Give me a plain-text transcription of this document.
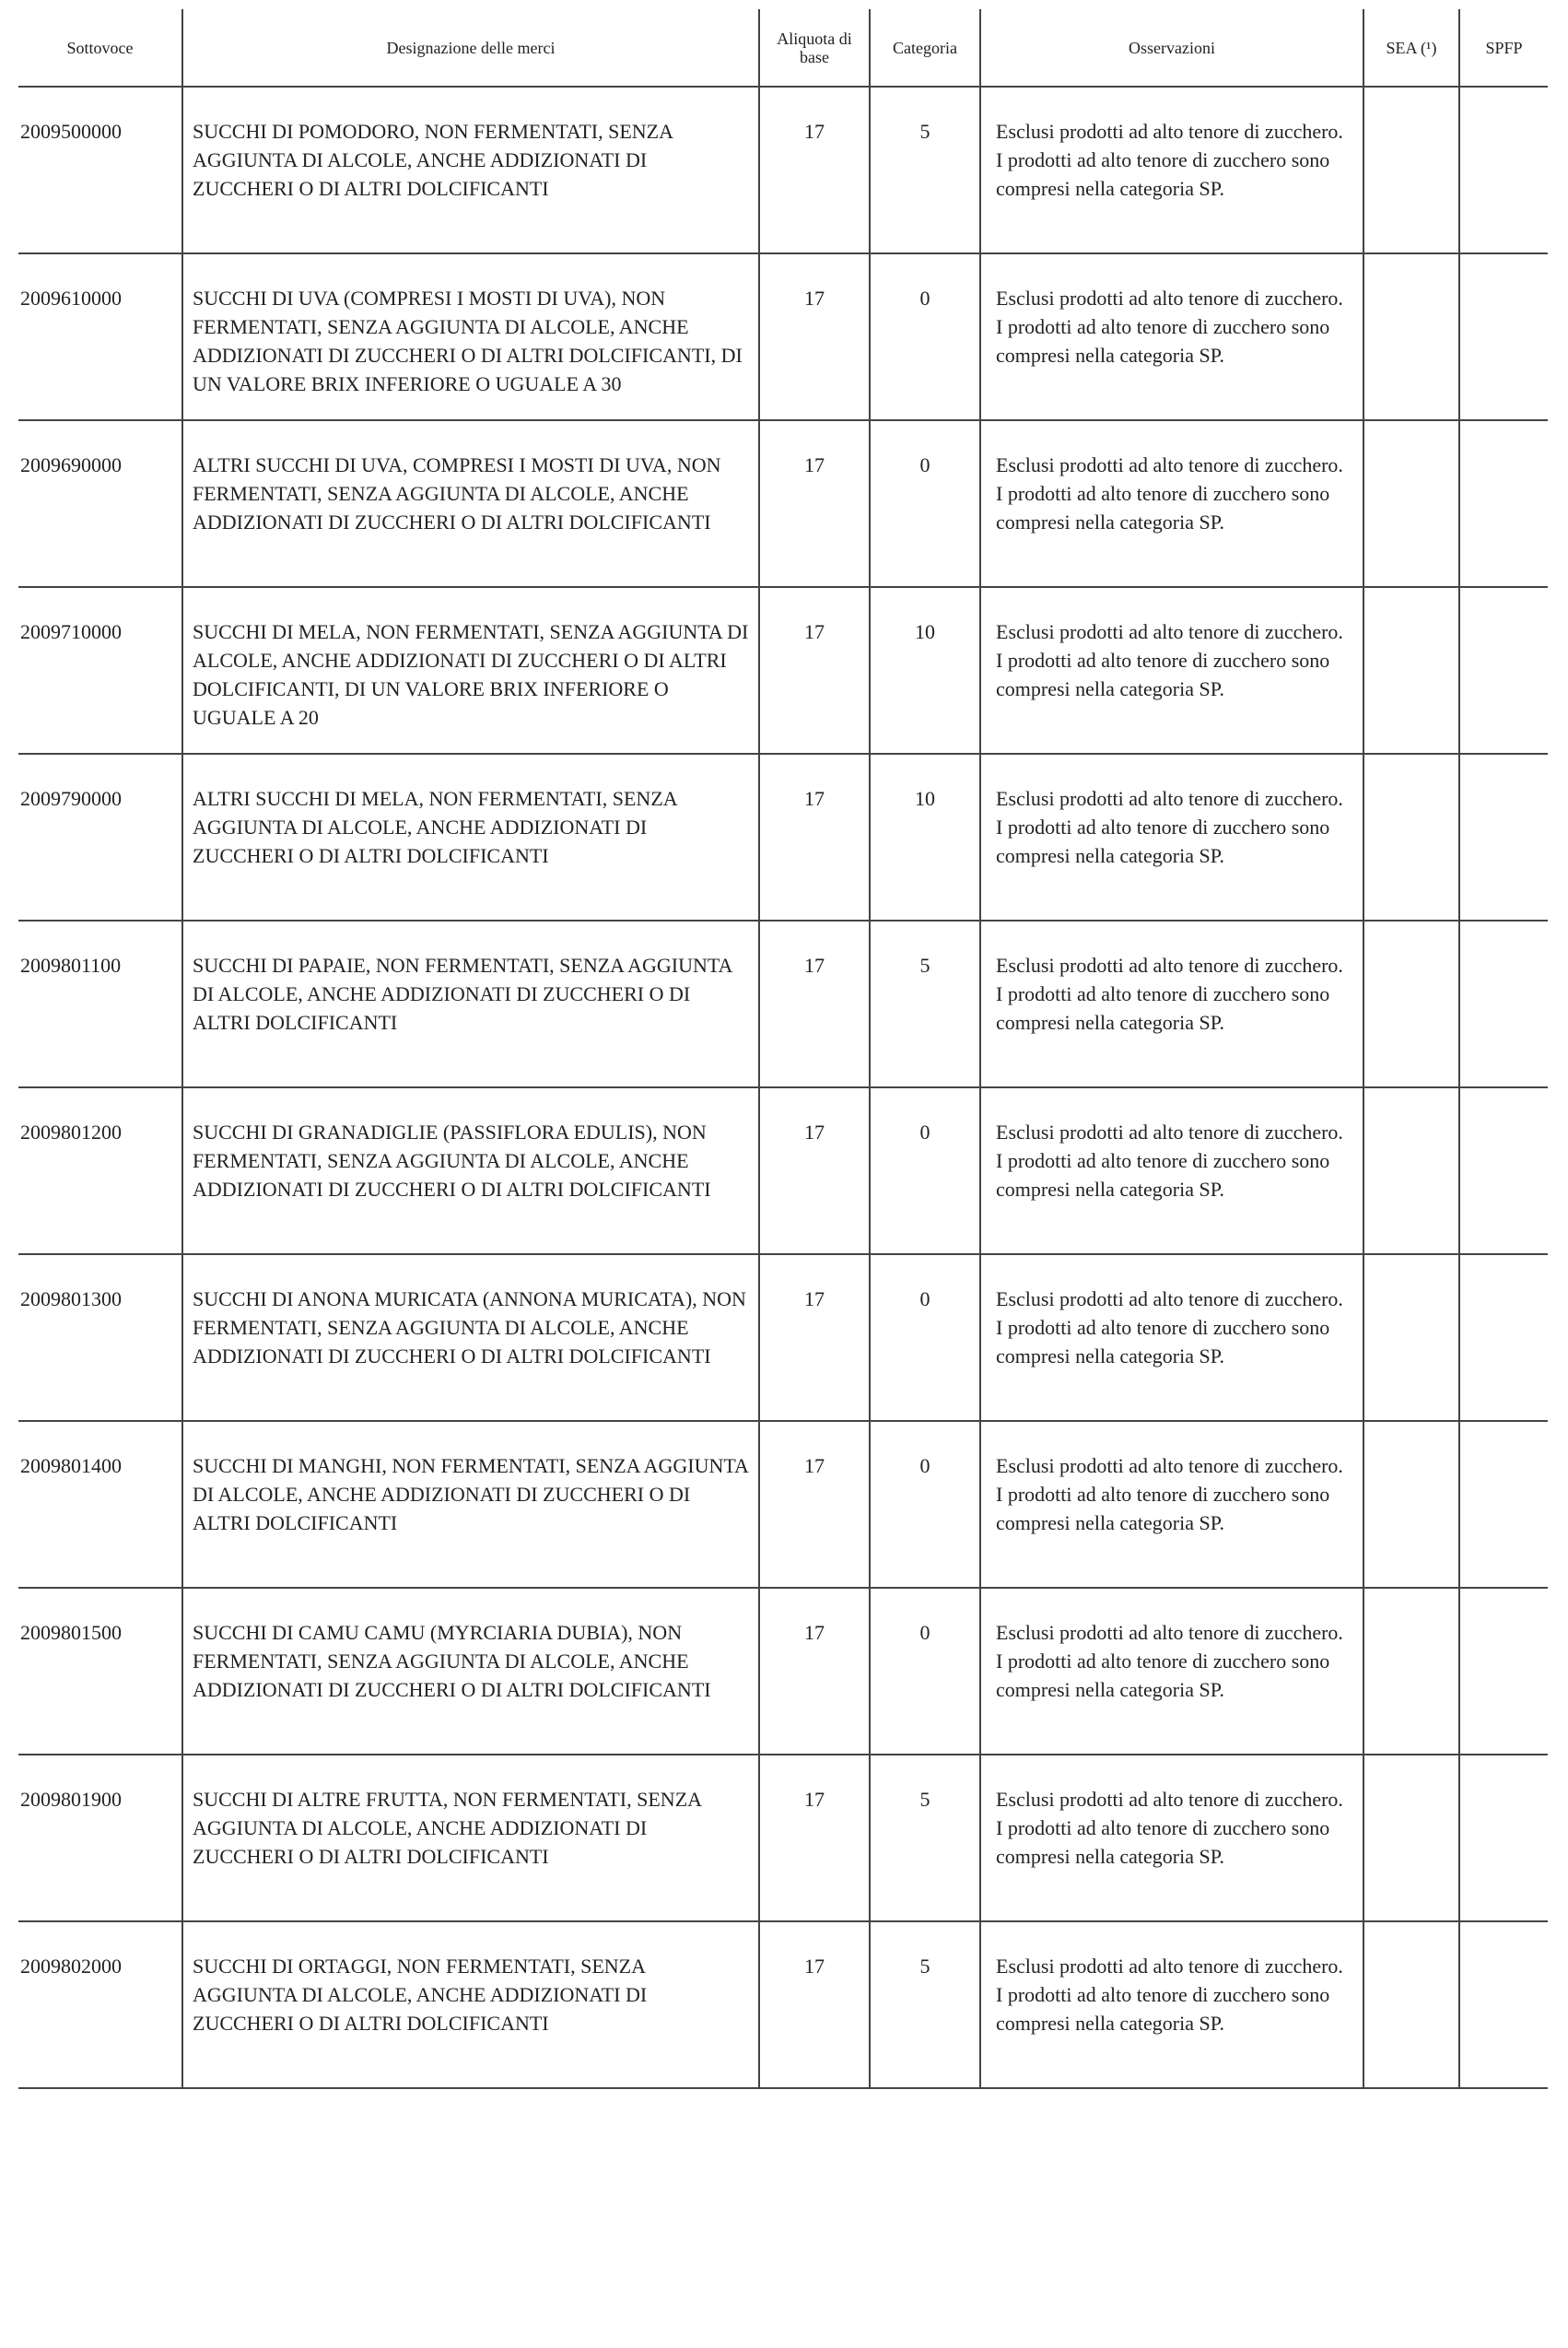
Sottovoce	Designazione delle merci	Aliquota di base	Categoria	Osservazioni	SEA (¹)	SPFP
2009500000	SUCCHI DI POMODORO, NON FERMENTATI, SENZA AGGIUNTA DI ALCOLE, ANCHE ADDIZIONATI DI ZUCCHERI O DI ALTRI DOLCIFICANTI	17	5	Esclusi prodotti ad alto tenore di zucchero. I prodotti ad alto tenore di zucchero sono compresi nella categoria SP.		
2009610000	SUCCHI DI UVA (COMPRESI I MOSTI DI UVA), NON FERMENTATI, SENZA AGGIUNTA DI ALCOLE, ANCHE ADDIZIONATI DI ZUCCHERI O DI ALTRI DOLCIFICANTI, DI UN VALORE BRIX INFERIORE O UGUALE A 30	17	0	Esclusi prodotti ad alto tenore di zucchero. I prodotti ad alto tenore di zucchero sono compresi nella categoria SP.		
2009690000	ALTRI SUCCHI DI UVA, COMPRESI I MOSTI DI UVA, NON FERMENTATI, SENZA AGGIUNTA DI ALCOLE, ANCHE ADDIZIONATI DI ZUCCHERI O DI ALTRI DOLCIFICANTI	17	0	Esclusi prodotti ad alto tenore di zucchero. I prodotti ad alto tenore di zucchero sono compresi nella categoria SP.		
2009710000	SUCCHI DI MELA, NON FERMENTATI, SENZA AGGIUNTA DI ALCOLE, ANCHE ADDIZIONATI DI ZUCCHERI O DI ALTRI DOLCIFICANTI, DI UN VALORE BRIX INFERIORE O UGUALE A 20	17	10	Esclusi prodotti ad alto tenore di zucchero. I prodotti ad alto tenore di zucchero sono compresi nella categoria SP.		
2009790000	ALTRI SUCCHI DI MELA, NON FERMENTATI, SENZA AGGIUNTA DI ALCOLE, ANCHE ADDIZIONATI DI ZUCCHERI O DI ALTRI DOLCIFICANTI	17	10	Esclusi prodotti ad alto tenore di zucchero. I prodotti ad alto tenore di zucchero sono compresi nella categoria SP.		
2009801100	SUCCHI DI PAPAIE, NON FERMENTATI, SENZA AGGIUNTA DI ALCOLE, ANCHE ADDIZIONATI DI ZUCCHERI O DI ALTRI DOLCIFICANTI	17	5	Esclusi prodotti ad alto tenore di zucchero. I prodotti ad alto tenore di zucchero sono compresi nella categoria SP.		
2009801200	SUCCHI DI GRANADIGLIE (PASSIFLORA EDULIS), NON FERMENTATI, SENZA AGGIUNTA DI ALCOLE, ANCHE ADDIZIONATI DI ZUCCHERI O DI ALTRI DOLCIFICANTI	17	0	Esclusi prodotti ad alto tenore di zucchero. I prodotti ad alto tenore di zucchero sono compresi nella categoria SP.		
2009801300	SUCCHI DI ANONA MURICATA (ANNONA MURICATA), NON FERMENTATI, SENZA AGGIUNTA DI ALCOLE, ANCHE ADDIZIONATI DI ZUCCHERI O DI ALTRI DOLCIFICANTI	17	0	Esclusi prodotti ad alto tenore di zucchero. I prodotti ad alto tenore di zucchero sono compresi nella categoria SP.		
2009801400	SUCCHI DI MANGHI, NON FERMENTATI, SENZA AGGIUNTA DI ALCOLE, ANCHE ADDIZIONATI DI ZUCCHERI O DI ALTRI DOLCIFICANTI	17	0	Esclusi prodotti ad alto tenore di zucchero. I prodotti ad alto tenore di zucchero sono compresi nella categoria SP.		
2009801500	SUCCHI DI CAMU CAMU (MYRCIARIA DUBIA), NON FERMENTATI, SENZA AGGIUNTA DI ALCOLE, ANCHE ADDIZIONATI DI ZUCCHERI O DI ALTRI DOLCIFICANTI	17	0	Esclusi prodotti ad alto tenore di zucchero. I prodotti ad alto tenore di zucchero sono compresi nella categoria SP.		
2009801900	SUCCHI DI ALTRE FRUTTA, NON FERMENTATI, SENZA AGGIUNTA DI ALCOLE, ANCHE ADDIZIONATI DI ZUCCHERI O DI ALTRI DOLCIFICANTI	17	5	Esclusi prodotti ad alto tenore di zucchero. I prodotti ad alto tenore di zucchero sono compresi nella categoria SP.		
2009802000	SUCCHI DI ORTAGGI, NON FERMENTATI, SENZA AGGIUNTA DI ALCOLE, ANCHE ADDIZIONATI DI ZUCCHERI O DI ALTRI DOLCIFICANTI	17	5	Esclusi prodotti ad alto tenore di zucchero. I prodotti ad alto tenore di zucchero sono compresi nella categoria SP.		
